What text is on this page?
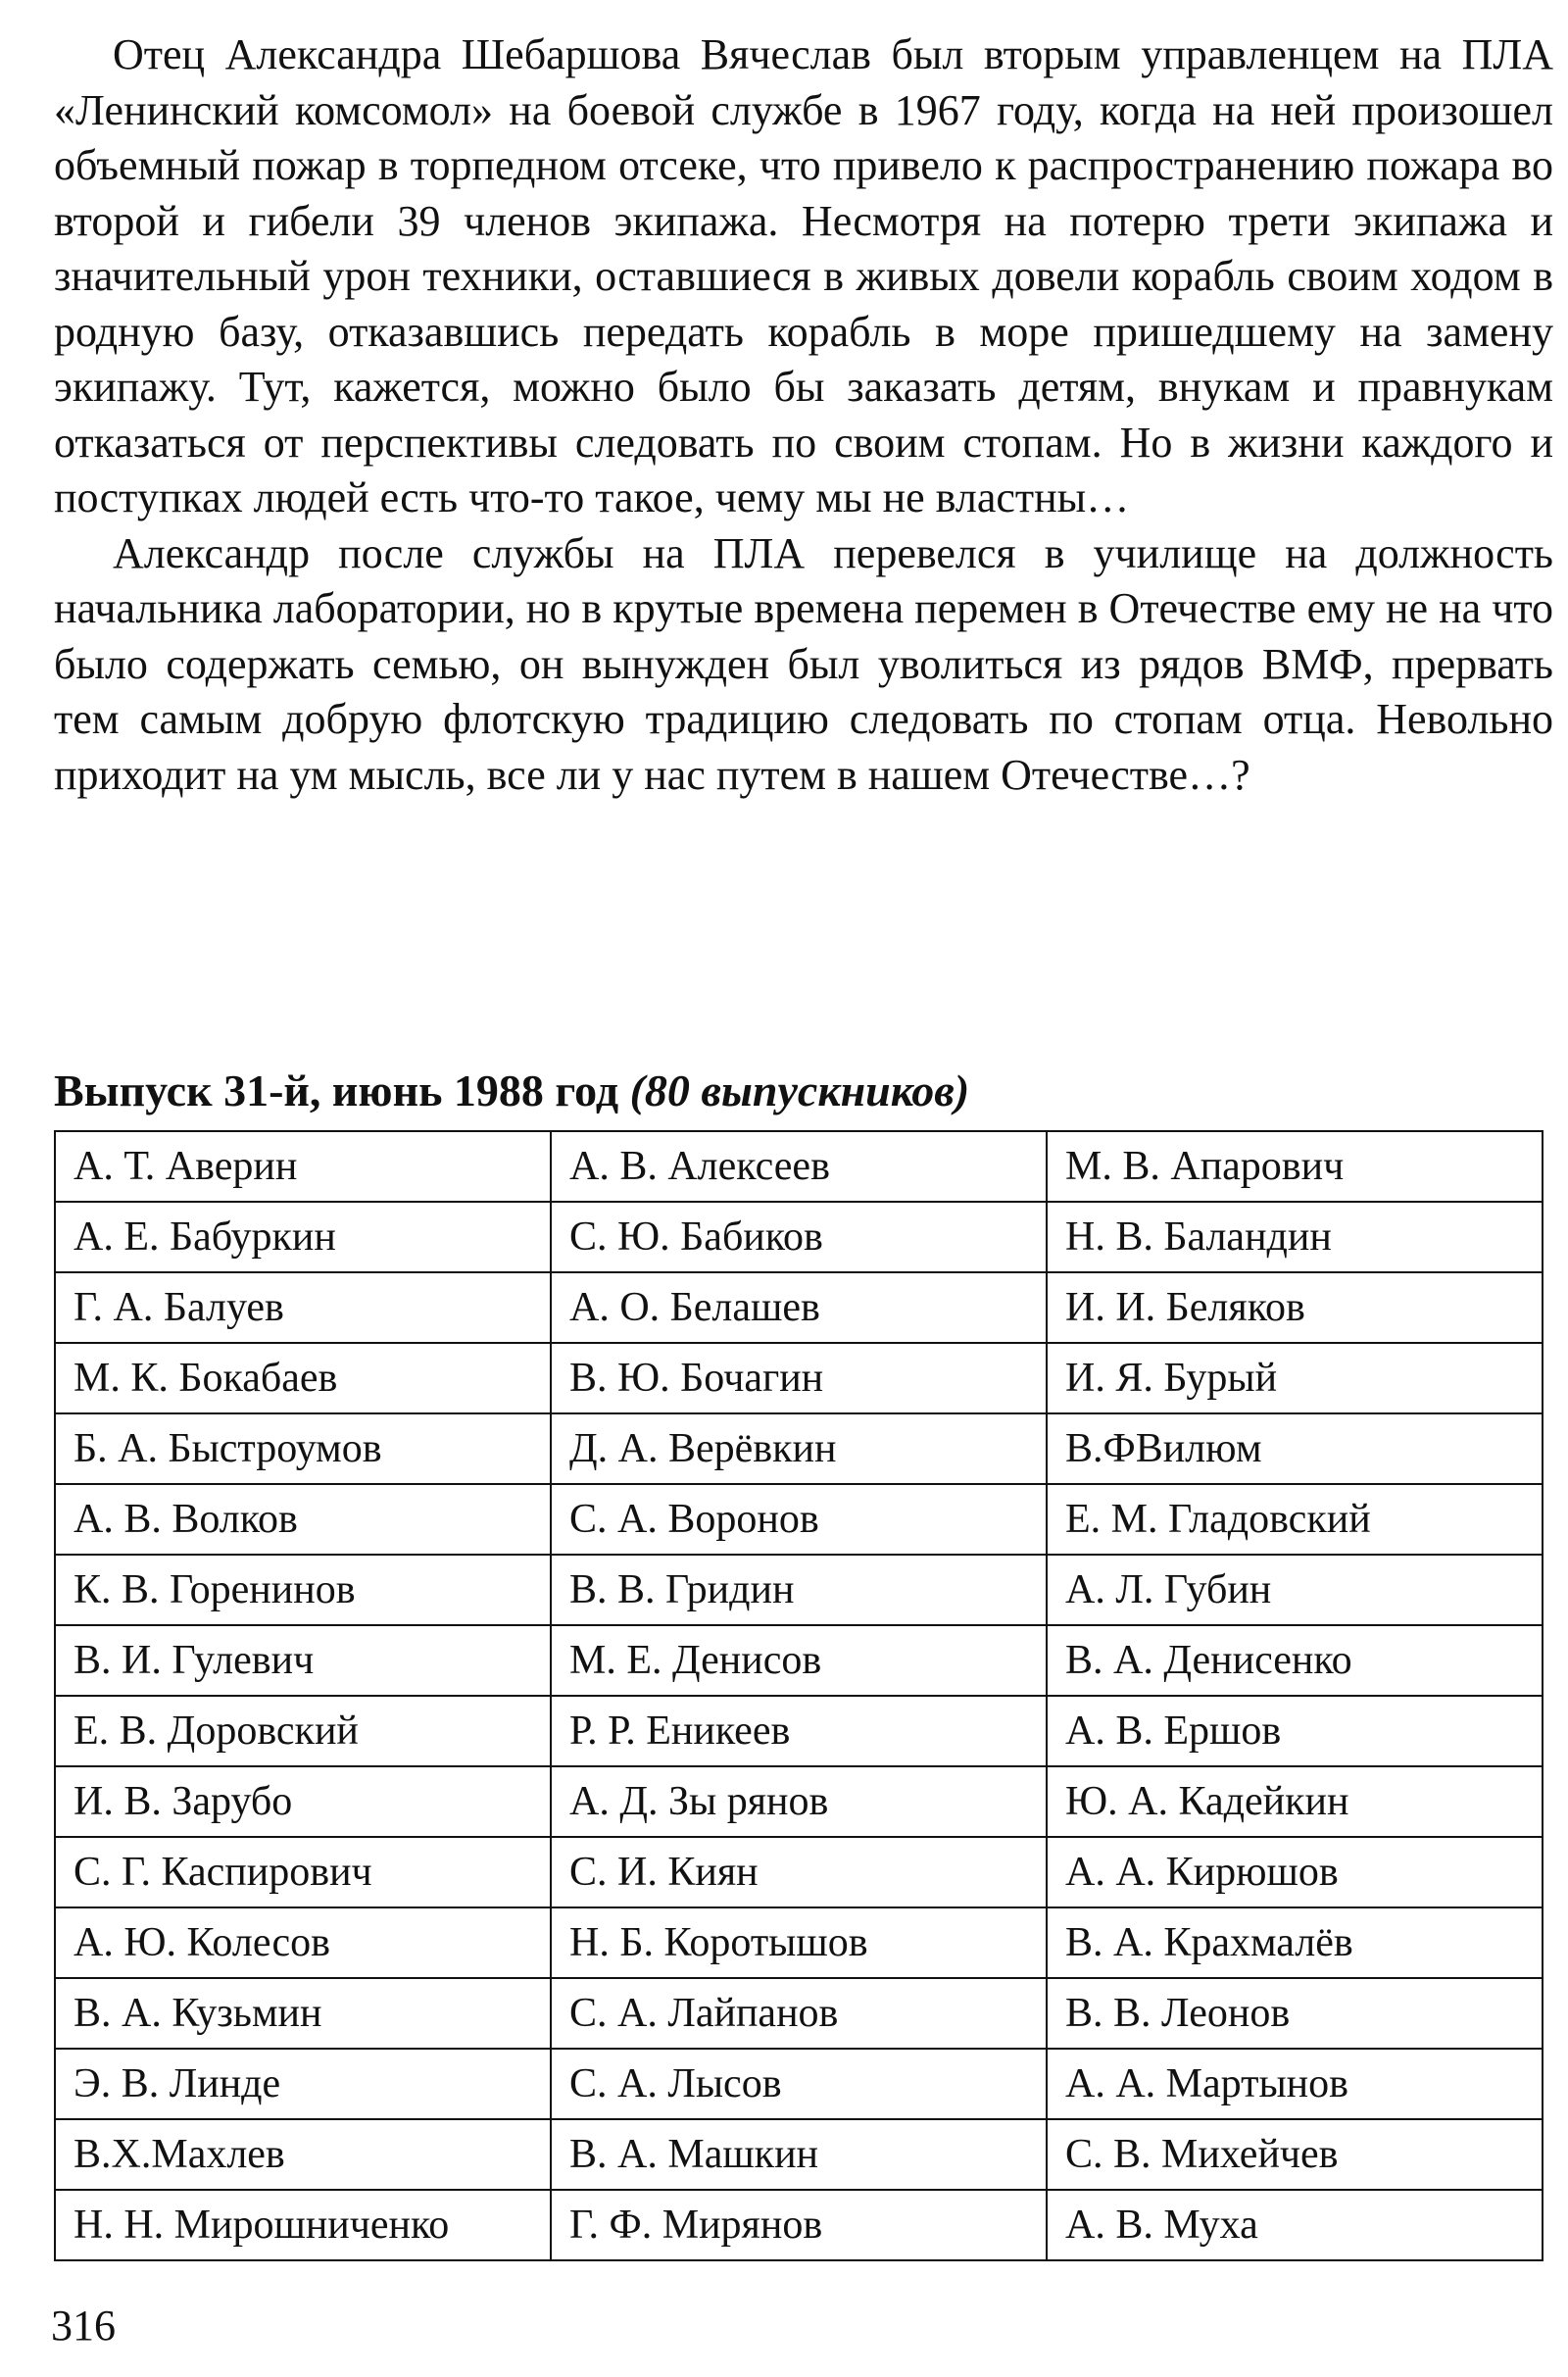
Отец Александра Шебаршова Вячеслав был вторым управленцем на ПЛА «Ленинский комсомол» на боевой службе в 1967 году, когда на ней произошел объемный пожар в торпедном отсеке, что привело к распространению пожара во второй и гибели 39 членов экипажа. Несмотря на потерю трети экипажа и значительный урон техники, оставшиеся в живых довели корабль своим ходом в родную базу, отказавшись передать корабль в море пришедшему на замену экипажу. Тут, кажется, можно было бы заказать детям, внукам и правнукам отказаться от перспективы следовать по своим стопам. Но в жизни каждого и поступках людей есть что-то такое, чему мы не властны…

Александр после службы на ПЛА перевелся в училище на должность начальника лаборатории, но в крутые времена перемен в Отечестве ему не на что было содержать семью, он вынужден был уволиться из рядов ВМФ, прервать тем самым добрую флотскую традицию следовать по стопам отца. Невольно приходит на ум мысль, все ли у нас путем в нашем Отечестве…?

Выпуск 31-й, июнь 1988 год (80 выпускников)
А. Т. Аверин	А. В. Алексеев	М. В. Апарович
А. Е. Бабуркин	С. Ю. Бабиков	Н. В. Баландин
Г. А. Балуев	А. О. Белашев	И. И. Беляков
М. К. Бокабаев	В. Ю. Бочагин	И. Я. Бурый
Б. А. Быстроумов	Д. А. Верёвкин	В.ФВилюм
А. В. Волков	С. А. Воронов	Е. М. Гладовский
К. В. Горенинов	В. В. Гридин	А. Л. Губин
В. И. Гулевич	М. Е. Денисов	В. А. Денисенко
Е. В. Доровский	Р. Р. Еникеев	А. В. Ершов
И. В. Зарубо	А. Д. Зы рянов	Ю. А. Кадейкин
С. Г. Каспирович	С. И. Киян	А. А. Кирюшов
А. Ю. Колесов	Н. Б. Коротышов	В. А. Крахмалёв
В. А. Кузьмин	С. А. Лайпанов	В. В. Леонов
Э. В. Линде	С. А. Лысов	А. А. Мартынов
В.Х.Махлев	В. А. Машкин	С. В. Михейчев
Н. Н. Мирошниченко	Г. Ф. Мирянов	А. В. Муха
316
